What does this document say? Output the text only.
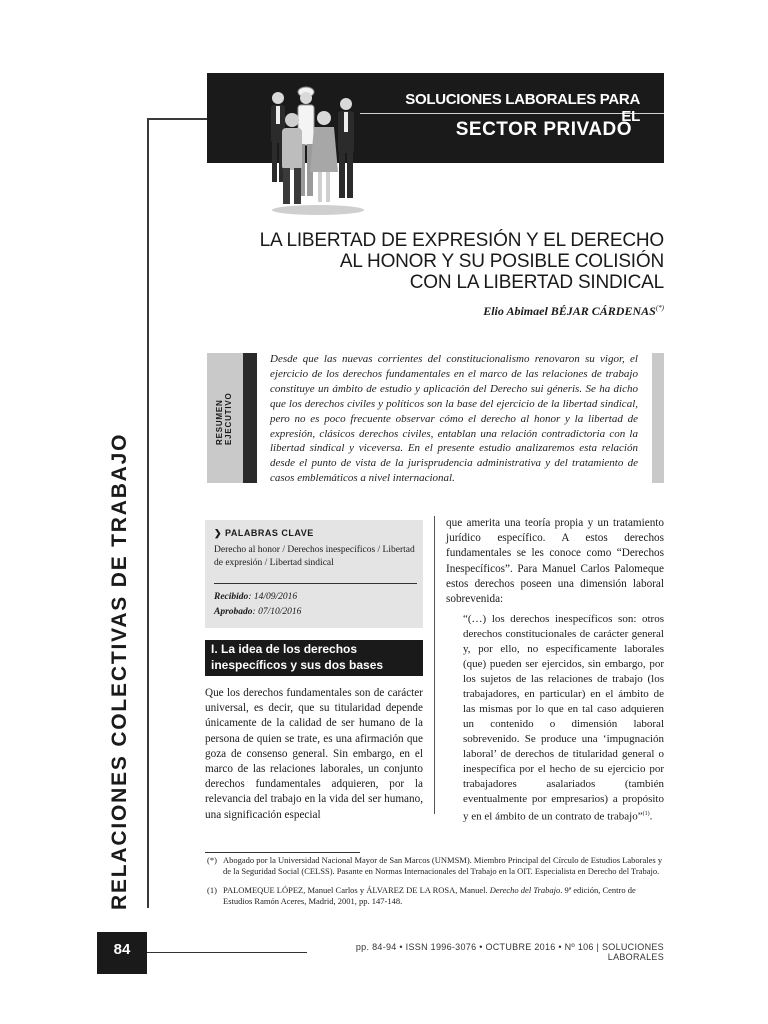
RELACIONES COLECTIVAS DE TRABAJO
SOLUCIONES LABORALES PARA EL
SECTOR PRIVADO
LA LIBERTAD DE EXPRESIÓN Y EL DERECHO
AL HONOR Y SU POSIBLE COLISIÓN
CON LA LIBERTAD SINDICAL
Elio Abimael BÉJAR CÁRDENAS(*)
RESUMEN
EJECUTIVO
Desde que las nuevas corrientes del constitucionalismo renovaron su vigor, el ejercicio de los derechos fundamentales en el marco de las relaciones de trabajo constituye un ámbito de estudio y aplicación del Derecho sui géneris. Se ha dicho que los derechos civiles y políticos son la base del ejercicio de la libertad sindical, pero no es poco frecuente observar cómo el derecho al honor y la libertad de expresión, clásicos derechos civiles, entablan una relación contradictoria con la libertad sindical y viceversa. En el presente estudio analizaremos esta relación desde el punto de vista de la jurisprudencia administrativa y del tratamiento de casos emblemáticos a nivel internacional.
❯ PALABRAS CLAVE
Derecho al honor / Derechos inespecíficos / Libertad de expresión / Libertad sindical
Recibido: 14/09/2016
Aprobado: 07/10/2016
I. La idea de los derechos inespecíficos y sus dos bases teóricas
Que los derechos fundamentales son de carácter universal, es decir, que su titularidad depende únicamente de la calidad de ser humano de la persona de quien se trate, es una afirmación que goza de consenso general. Sin embargo, en el marco de las relaciones laborales, un conjunto derechos fundamentales adquieren, por la relevancia del trabajo en la vida del ser humano, una significación especial
que amerita una teoría propia y un tratamiento jurídico específico. A estos derechos fundamentales se les conoce como “Derechos Inespecíficos”. Para Manuel Carlos Palomeque estos derechos poseen una dimensión laboral sobrevenida:
“(…) los derechos inespecíficos son: otros derechos constitucionales de carácter general y, por ello, no específicamente laborales (que) pueden ser ejercidos, sin embargo, por los sujetos de las relaciones de trabajo (los trabajadores, en particular) en el ámbito de las mismas por lo que en tal caso adquieren un contenido o dimensión laboral sobrevenido. Se produce una ‘impugnación laboral’ de derechos de titularidad general o inespecífica por el hecho de su ejercicio por trabajadores asalariados (también eventualmente por empresarios) a propósito y en el ámbito de un contrato de trabajo”$^{(1)}$.
(*) Abogado por la Universidad Nacional Mayor de San Marcos (UNMSM). Miembro Principal del Círculo de Estudios Laborales y de la Seguridad Social (CELSS). Pasante en Normas Internacionales del Trabajo en la OIT. Especialista en Derecho del Trabajo.
(1) PALOMEQUE LÓPEZ, Manuel Carlos y ÁLVAREZ DE LA ROSA, Manuel. Derecho del Trabajo. 9ª edición, Centro de Estudios Ramón Aceres, Madrid, 2001, pp. 147-148.
84	pp. 84-94 • ISSN 1996-3076 • OCTUBRE 2016 • Nº 106 | SOLUCIONES LABORALES
